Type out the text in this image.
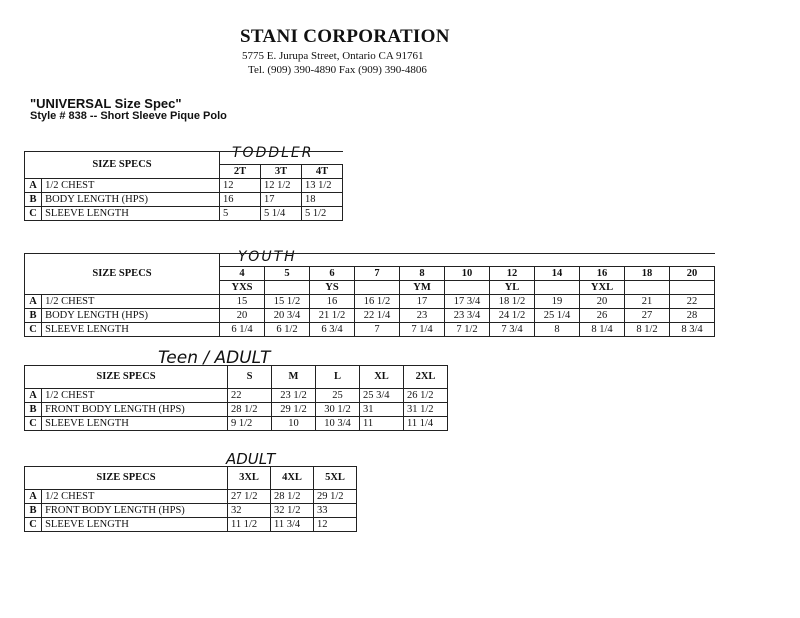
STANI CORPORATION
5775 E. Jurupa Street, Ontario CA 91761
Tel. (909) 390-4890 Fax (909) 390-4806
"UNIVERSAL Size Spec"
Style # 838 -- Short Sleeve Pique Polo
TODDLER
SIZE SPECS				
		2T	3T	4T
A	1/2 CHEST	12	12 1/2	13 1/2
B	BODY LENGTH (HPS)	16	17	18
C	SLEEVE LENGTH	5	5 1/4	5 1/2
YOUTH
SIZE SPECS												
		4	5	6	7	8	10	12	14	16	18	20
		YXS		YS		YM		YL		YXL		
A	1/2 CHEST	15	15 1/2	16	16 1/2	17	17 3/4	18 1/2	19	20	21	22
B	BODY LENGTH (HPS)	20	20 3/4	21 1/2	22 1/4	23	23 3/4	24 1/2	25 1/4	26	27	28
C	SLEEVE LENGTH	6 1/4	6 1/2	6 3/4	7	7 1/4	7 1/2	7 3/4	8	8 1/4	8 1/2	8 3/4
Teen / ADULT
SIZE SPECS		S	M	L	XL	2XL
A	1/2 CHEST	22	23 1/2	25	25 3/4	26 1/2
B	FRONT BODY LENGTH (HPS)	28 1/2	29 1/2	30 1/2	31	31 1/2
C	SLEEVE LENGTH	9 1/2	10	10 3/4	11	11 1/4
ADULT
SIZE SPECS		3XL	4XL	5XL
A	1/2 CHEST	27 1/2	28 1/2	29 1/2
B	FRONT BODY LENGTH (HPS)	32	32 1/2	33
C	SLEEVE LENGTH	11 1/2	11 3/4	12
